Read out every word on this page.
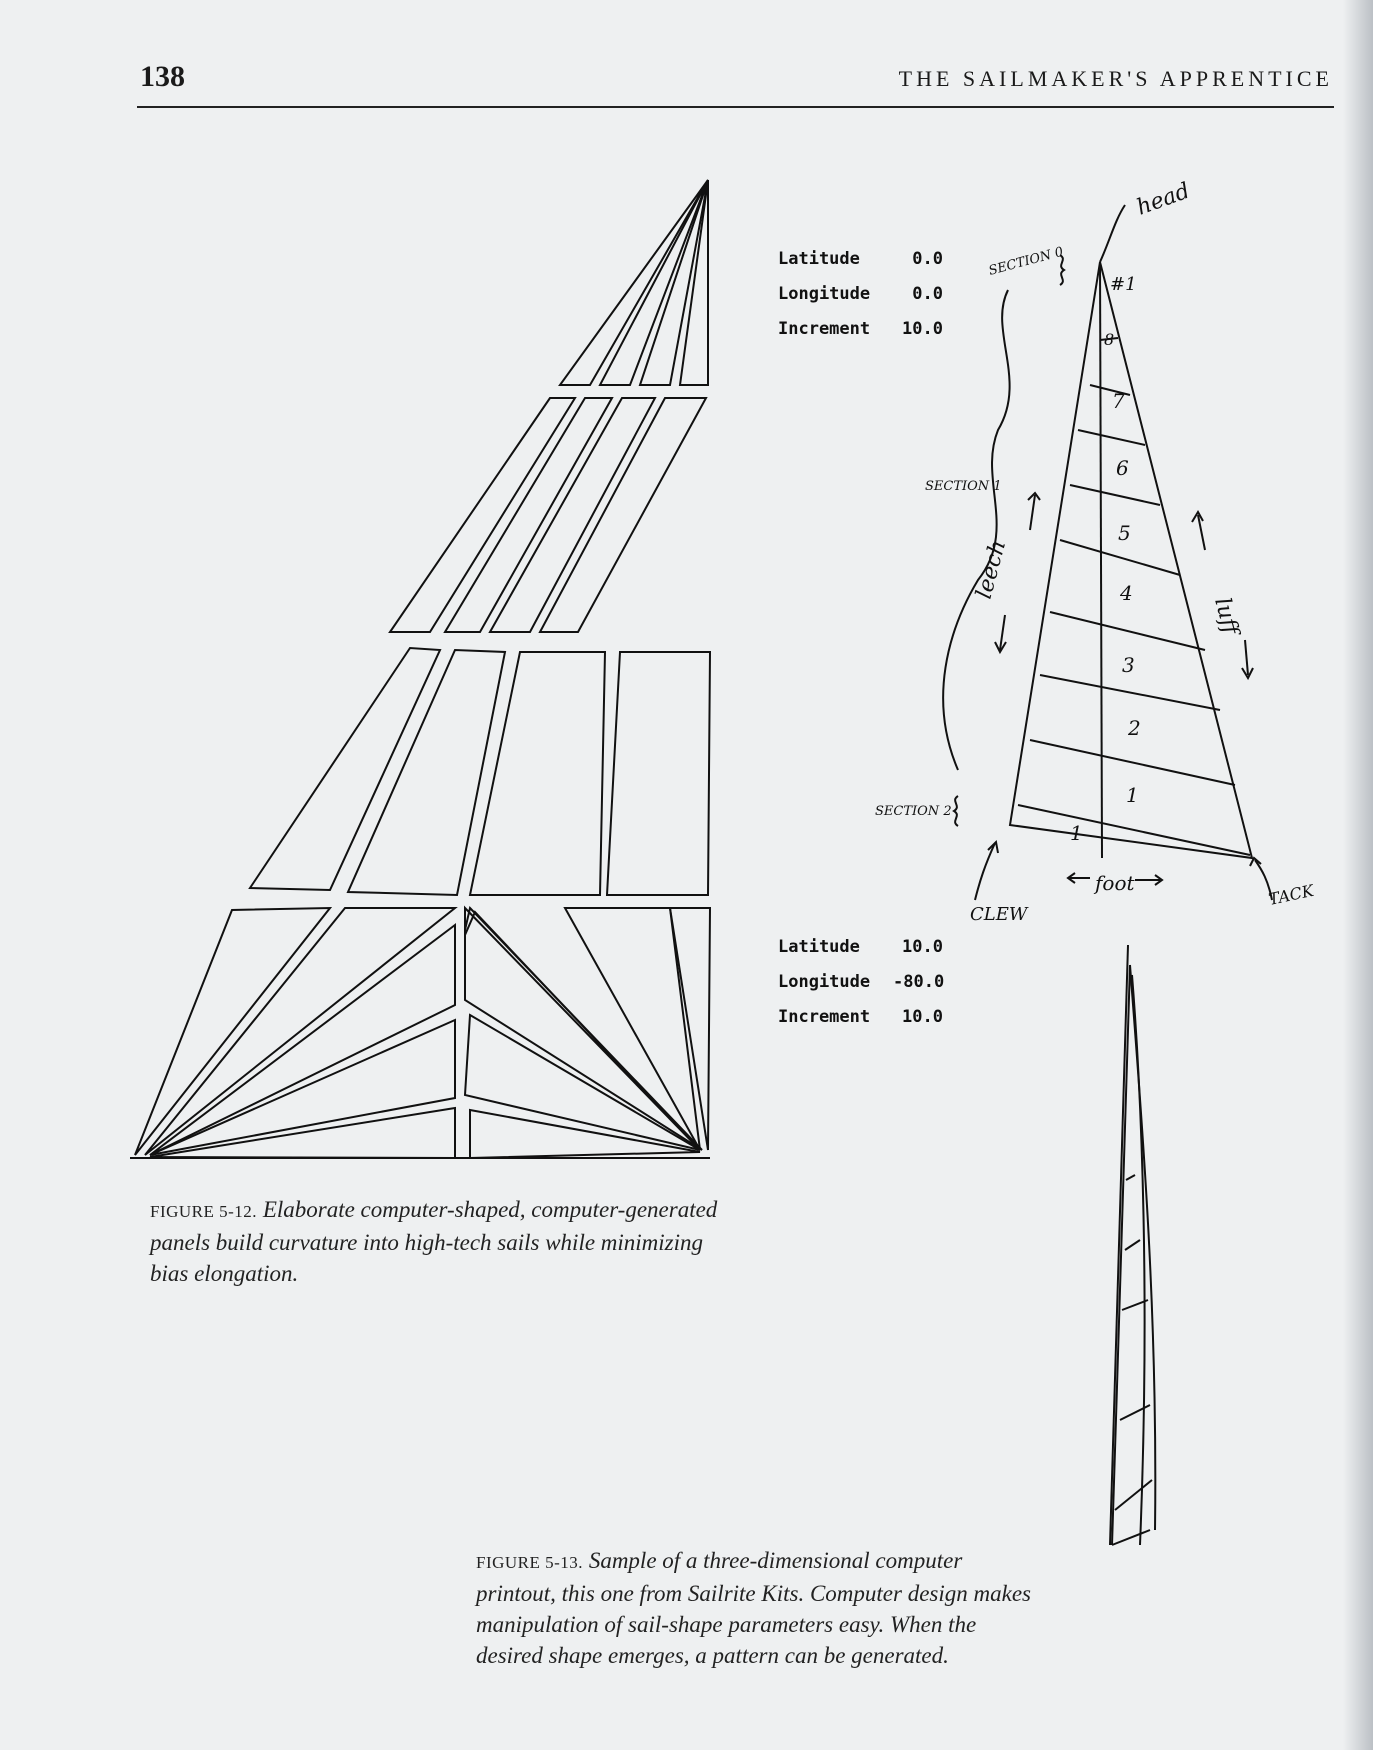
138	THE SAILMAKER'S APPRENTICE
Latitude	0.0
Longitude	0.0
Increment	10.0
FIGURE 5-12. Elaborate computer-shaped, computer-generated panels build curvature into high-tech sails while minimizing bias elongation.
head
#1
SECTION 0
SECTION 1
SECTION 2
leech
luff
CLEW
foot	TACK
1
1
2
3
4
5
6
7
8
Latitude	10.0
Longitude	-80.0
Increment	10.0
FIGURE 5-13. Sample of a three-dimensional computer printout, this one from Sailrite Kits. Computer design makes manipulation of sail-shape parameters easy. When the desired shape emerges, a pattern can be generated.
